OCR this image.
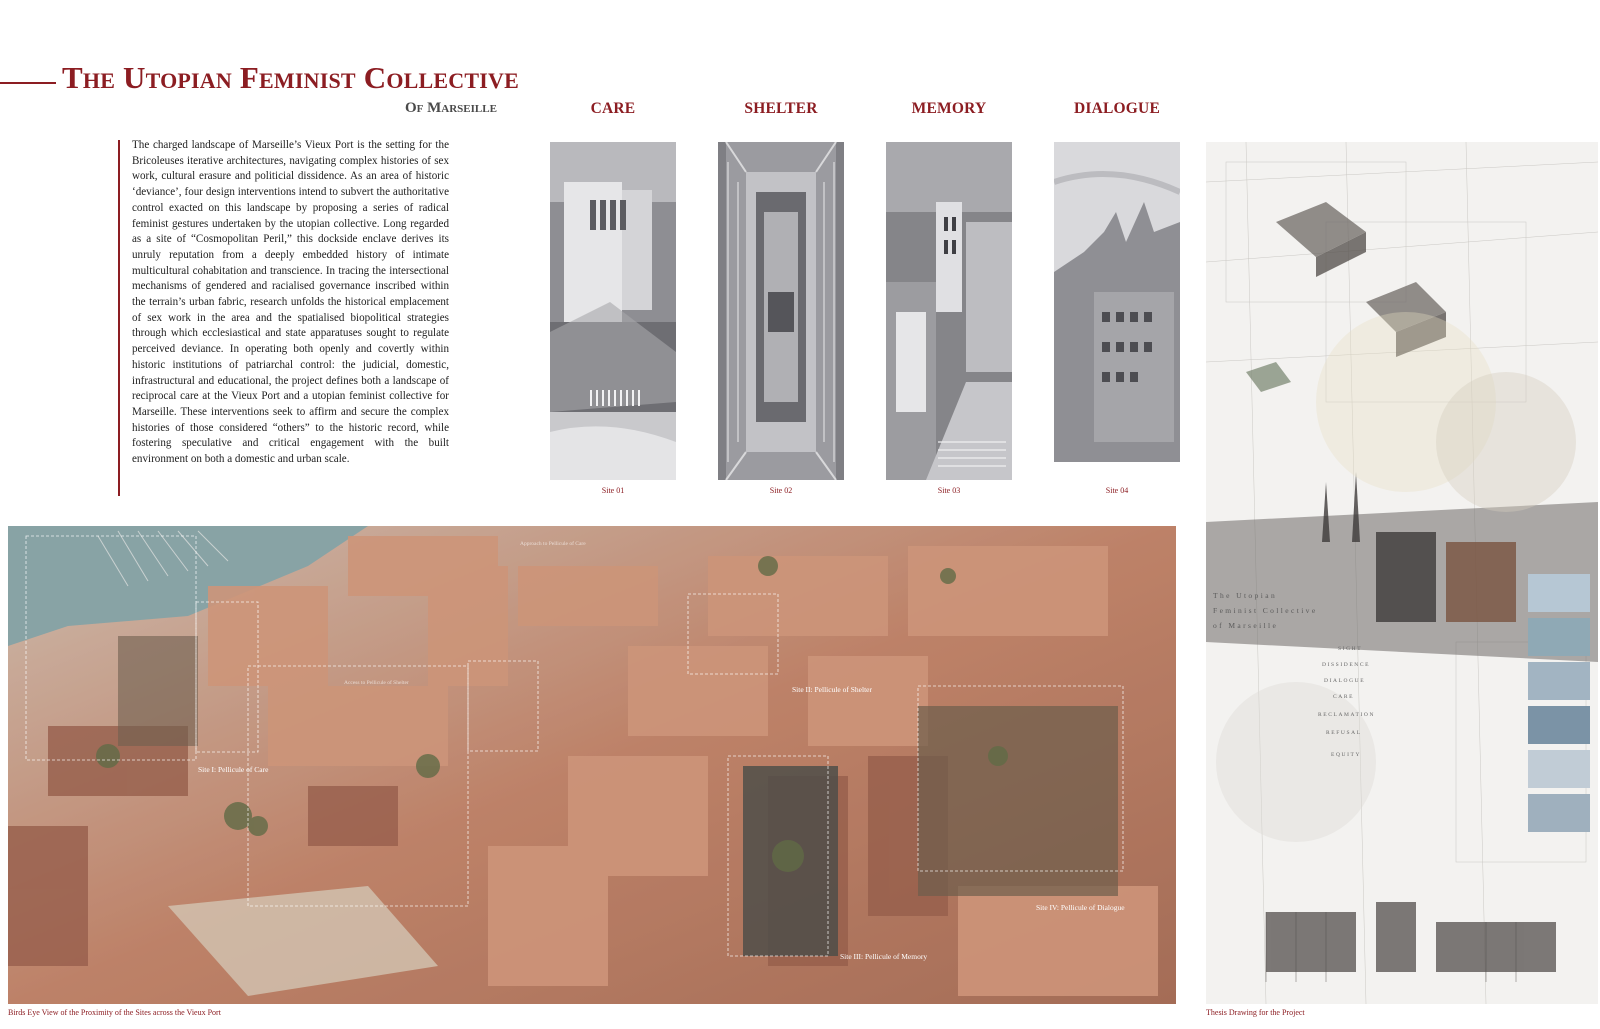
The Utopian Feminist Collective
Of Marseille

The charged landscape of Marseille’s Vieux Port is the setting for the Bricoleuses iterative architectures, navigating complex histories of sex work, cultural erasure and politicial dissidence. As an area of historic ‘deviance’, four design interventions intend to subvert the authoritative control exacted on this landscape by proposing a series of radical feminist gestures undertaken by the utopian collective. Long regarded as a site of “Cosmopolitan Peril,” this dockside enclave derives its unruly reputation from a deeply embedded history of intimate multicultural cohabitation and transcience. In tracing the intersectional mechanisms of gendered and racialised governance inscribed within the terrain’s urban fabric, research unfolds the historical emplacement of sex work in the area and the spatialised biopolitical strategies through which ecclesiastical and state apparatuses sought to regulate perceived deviance. In operating both openly and covertly within historic institutions of patriarchal control: the judicial, domestic, infrastructural and educational, the project defines both a landscape of reciprocal care at the Vieux Port and a utopian feminist collective for Marseille. These interventions seek to affirm and secure the complex histories of those considered “others” to the historic record, while fostering speculative and critical engagement with the built environment on both a domestic and urban scale.

CARE
Site 01
SHELTER
Site 02
MEMORY
Site 03
DIALOGUE
Site 04
Site I: Pellicule of Care
Site II: Pellicule of Shelter
Site III: Pellicule of Memory
Site IV: Pellicule of Dialogue
Approach to Pellicule of Care
Access to Pellicule of Shelter
Birds Eye View of the Proximity of the Sites across the Vieux Port
The Utopian
Feminist Collective
of Marseille
SIGHT
DISSIDENCE
DIALOGUE
CARE
RECLAMATION
REFUSAL
EQUITY
Thesis Drawing for the Project
